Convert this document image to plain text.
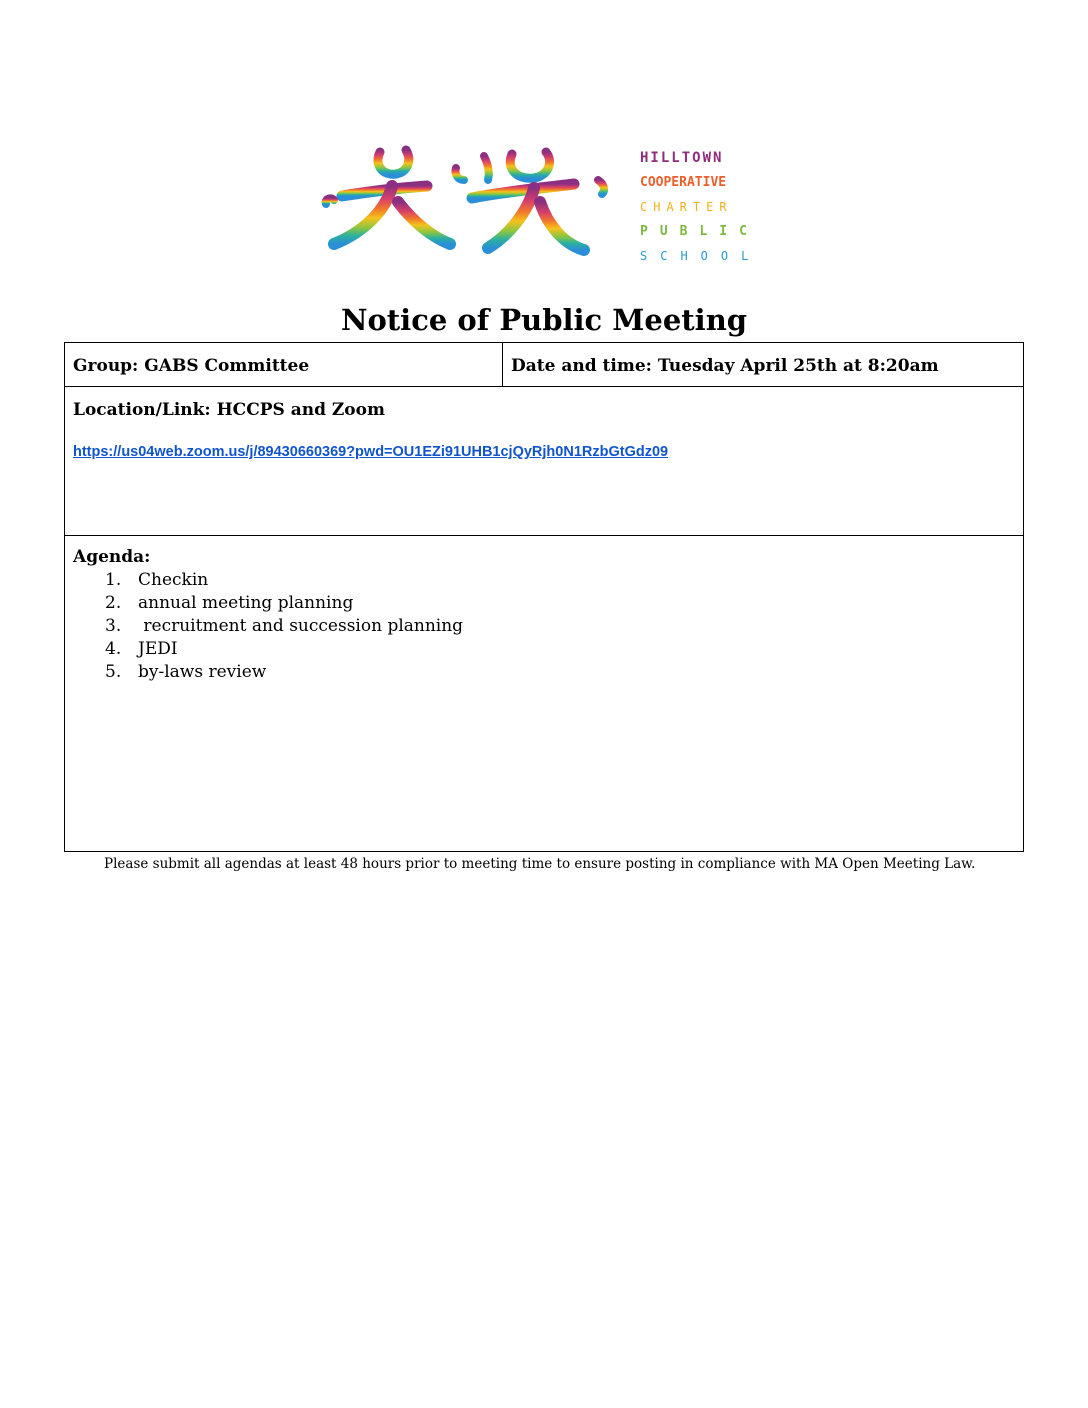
HILLTOWN
COOPERATIVE
CHARTER
PUBLIC
SCHOOL
Notice of Public Meeting
Group: GABS Committee	Date and time: Tuesday April 25th at 8:20am
Location/Link: HCCPS and Zoom
https://us04web.zoom.us/j/89430660369?pwd=OU1EZi91UHB1cjQyRjh0N1RzbGtGdz09
Agenda:
1. Checkin
2. annual meeting planning
3. recruitment and succession planning
4. JEDI
5. by-laws review

Please submit all agendas at least 48 hours prior to meeting time to ensure posting in compliance with MA Open Meeting Law.
